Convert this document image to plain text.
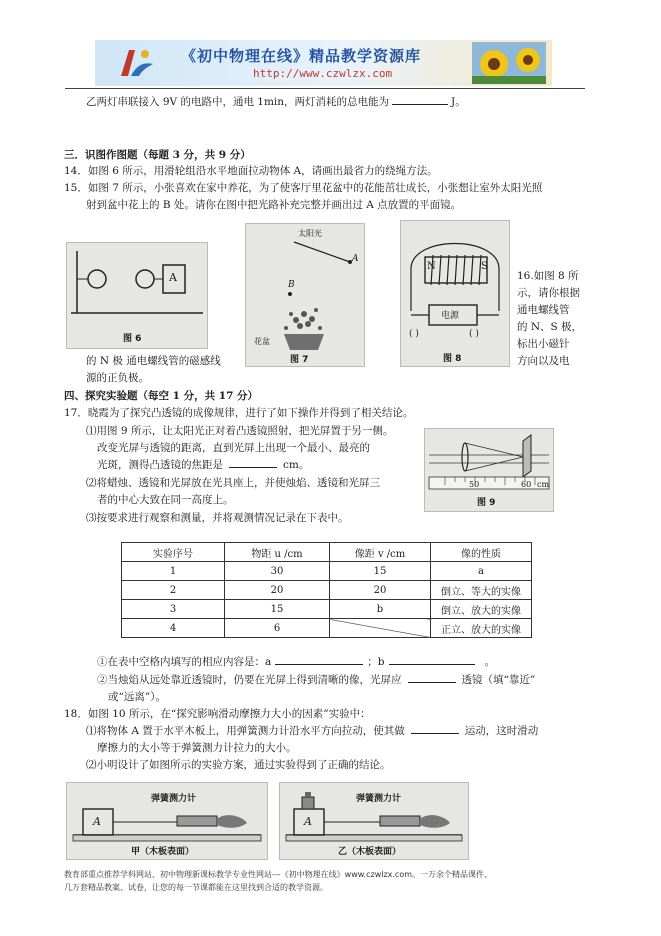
《初中物理在线》精品教学资源库
http://www.czwlzx.com
乙两灯串联接入 9V 的电路中，通电 1min，两灯消耗的总电能为	J。
三．识图作图题（每题 3 分，共 9 分）
14．如图 6 所示，用滑轮组沿水平地面拉动物体 A，请画出最省力的绕绳方法。
15．如图 7 所示，小张喜欢在家中养花，为了使客厅里花盆中的花能茁壮成长，小张想让室外太阳光照
射到盆中花上的 B 处。请你在图中把光路补充完整并画出过 A 点放置的平面镜。
A
图 6
太阳光
A
B
花盆
图 7
N	S
电源
( )	( )
图 8
16.如图 8 所
示，请你根据
通电螺线管
的 N、S 极，
标出小磁针
方向以及电
的 N 极 通电螺线管的磁感线
源的正负极。
四、探究实验题（每空 1 分，共 17 分）
17．晓霞为了探究凸透镜的成像规律，进行了如下操作并得到了相关结论。
⑴用图 9 所示，让太阳光正对着凸透镜照射，把光屏置于另一侧。
改变光屏与透镜的距离，直到光屏上出现一个最小、最亮的
光斑，测得凸透镜的焦距是	cm。
⑵将蜡烛、透镜和光屏放在光具座上，并使烛焰、透镜和光屏三
者的中心大致在同一高度上。
⑶按要求进行观察和测量，并将观测情况记录在下表中。
50	60 cm
图 9
实验序号	物距 u /cm	像距 v /cm	像的性质
1	30	15	a
2	20	20	倒立、等大的实像
3	15	b	倒立、放大的实像
4	6		正立、放大的实像
①在表中空格内填写的相应内容是：a	；b	。
②当烛焰从远处靠近透镜时，仍要在光屏上得到清晰的像，光屏应	透镜（填“靠近”
或“远离”）。
18．如图 10 所示，在“探究影响滑动摩擦力大小的因素”实验中：
⑴将物体 A 置于水平木板上，用弹簧测力计沿水平方向拉动，使其做	运动，这时滑动
摩擦力的大小等于弹簧测力计拉力的大小。
⑵小明设计了如图所示的实验方案，通过实验得到了正确的结论。
A
弹簧测力计
甲（木板表面）
A
弹簧测力计
乙（木板表面）
教育部重点推荐学科网站、初中物理新课标教学专业性网站---《初中物理在线》www.czwlzx.com。一万余个精品课件、
几万套精品教案、试卷，让您的每一节课都能在这里找到合适的教学资源。
